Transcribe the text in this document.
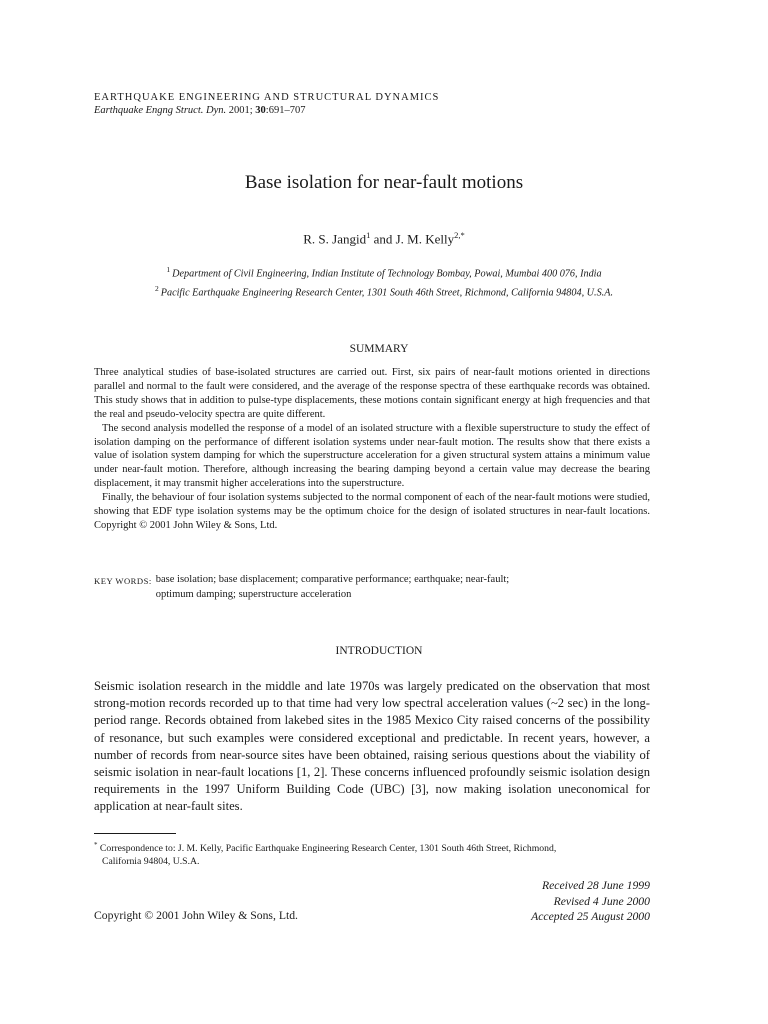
EARTHQUAKE ENGINEERING AND STRUCTURAL DYNAMICS
Earthquake Engng Struct. Dyn. 2001; 30:691–707
Base isolation for near-fault motions
R. S. Jangid$^1$ and J. M. Kelly$^{2,*}$
$^1$ Department of Civil Engineering, Indian Institute of Technology Bombay, Powai, Mumbai 400 076, India
$^2$ Pacific Earthquake Engineering Research Center, 1301 South 46th Street, Richmond, California 94804, U.S.A.
SUMMARY

Three analytical studies of base-isolated structures are carried out. First, six pairs of near-fault motions oriented in directions parallel and normal to the fault were considered, and the average of the response spectra of these earthquake records was obtained. This study shows that in addition to pulse-type displacements, these motions contain significant energy at high frequencies and that the real and pseudo-velocity spectra are quite different.

The second analysis modelled the response of a model of an isolated structure with a flexible superstructure to study the effect of isolation damping on the performance of different isolation systems under near-fault motion. The results show that there exists a value of isolation system damping for which the superstructure acceleration for a given structural system attains a minimum value under near-fault motion. Therefore, although increasing the bearing damping beyond a certain value may decrease the bearing displacement, it may transmit higher accelerations into the superstructure.

Finally, the behaviour of four isolation systems subjected to the normal component of each of the near-fault motions were studied, showing that EDF type isolation systems may be the optimum choice for the design of isolated structures in near-fault locations. Copyright © 2001 John Wiley & Sons, Ltd.

KEY WORDS: base isolation; base displacement; comparative performance; earthquake; near-fault;
optimum damping; superstructure acceleration
INTRODUCTION

Seismic isolation research in the middle and late 1970s was largely predicated on the observation that most strong-motion records recorded up to that time had very low spectral acceleration values (~2 sec) in the long-period range. Records obtained from lakebed sites in the 1985 Mexico City raised concerns of the possibility of resonance, but such examples were considered exceptional and predictable. In recent years, however, a number of records from near-source sites have been obtained, raising serious questions about the viability of seismic isolation in near-fault locations [1, 2]. These concerns influenced profoundly seismic isolation design requirements in the 1997 Uniform Building Code (UBC) [3], now making isolation uneconomical for application at near-fault sites.

* Correspondence to: J. M. Kelly, Pacific Earthquake Engineering Research Center, 1301 South 46th Street, Richmond,
California 94804, U.S.A.
Received 28 June 1999
Revised 4 June 2000
Accepted 25 August 2000
Copyright © 2001 John Wiley & Sons, Ltd.
